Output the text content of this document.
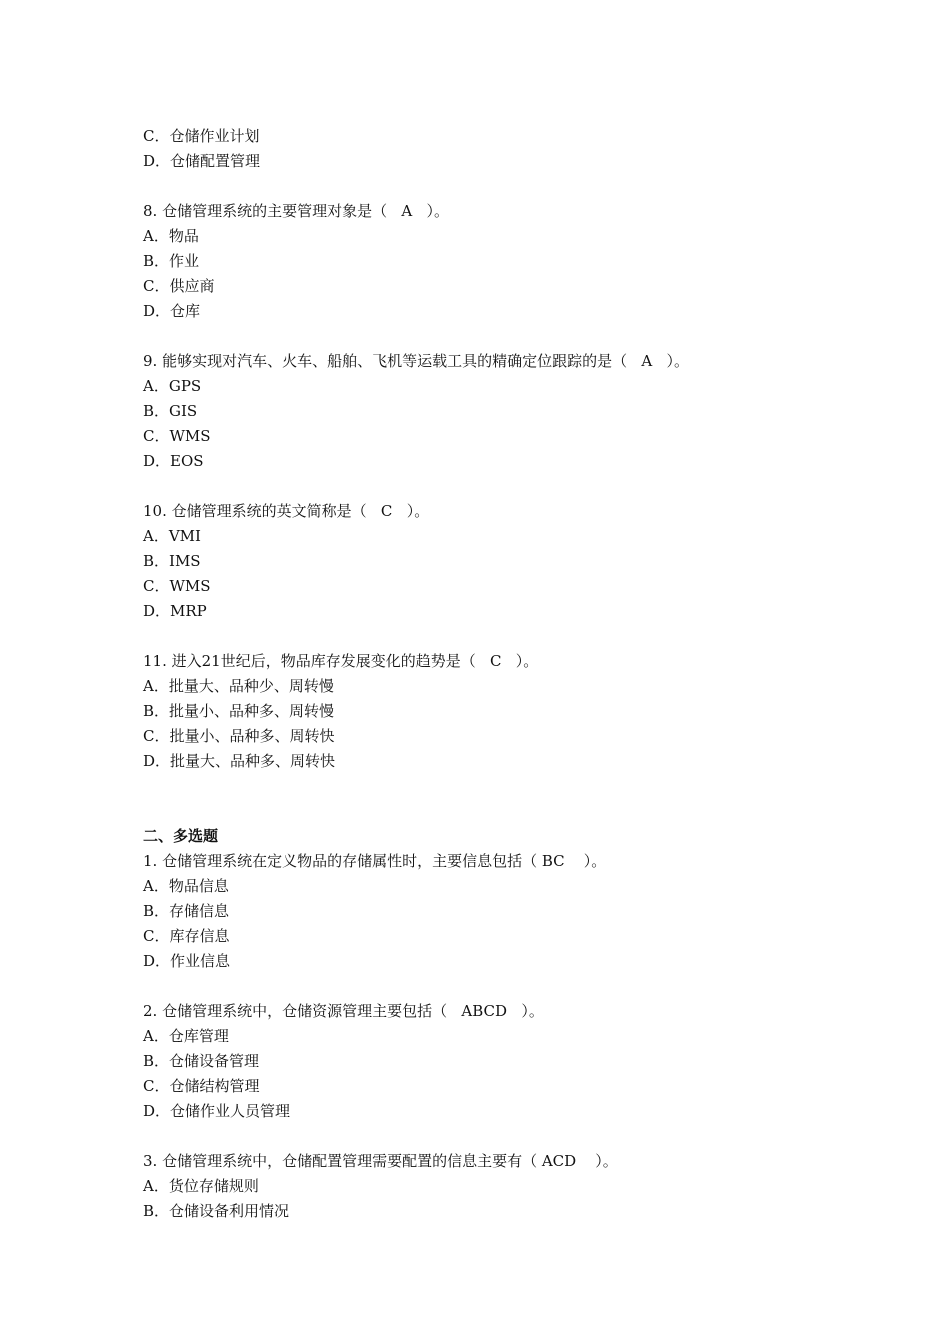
C．仓储作业计划
D．仓储配置管理
8. 仓储管理系统的主要管理对象是（   A   ）。
A．物品
B．作业
C．供应商
D．仓库
9. 能够实现对汽车、火车、船舶、飞机等运载工具的精确定位跟踪的是（   A   ）。
A．GPS
B．GIS
C．WMS
D．EOS
10. 仓储管理系统的英文简称是（   C   ）。
A．VMI
B．IMS
C．WMS
D．MRP
11. 进入21世纪后，物品库存发展变化的趋势是（   C   ）。
A．批量大、品种少、周转慢
B．批量小、品种多、周转慢
C．批量小、品种多、周转快
D．批量大、品种多、周转快
二、多选题
1. 仓储管理系统在定义物品的存储属性时，主要信息包括（ BC    ）。
A．物品信息
B．存储信息
C．库存信息
D．作业信息
2. 仓储管理系统中，仓储资源管理主要包括（   ABCD   ）。
A．仓库管理
B．仓储设备管理
C．仓储结构管理
D．仓储作业人员管理
3. 仓储管理系统中，仓储配置管理需要配置的信息主要有（ ACD    ）。
A．货位存储规则
B．仓储设备利用情况
